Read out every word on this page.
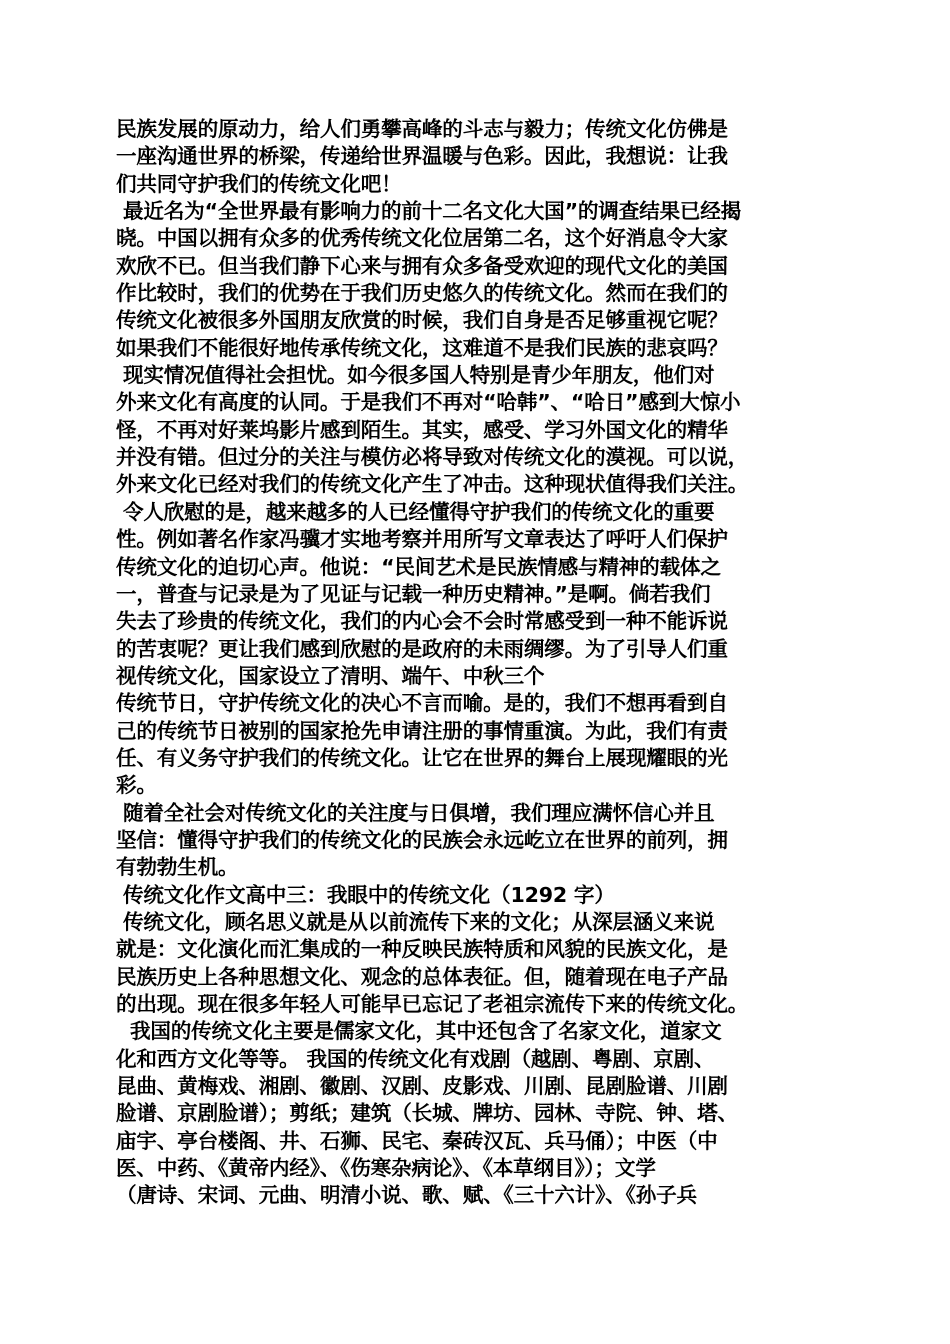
民族发展的原动力，给人们勇攀高峰的斗志与毅力；传统文化仿佛是
一座沟通世界的桥梁，传递给世界温暖与色彩。因此，我想说：让我
们共同守护我们的传统文化吧！
最近名为“全世界最有影响力的前十二名文化大国”的调查结果已经揭
晓。中国以拥有众多的优秀传统文化位居第二名，这个好消息令大家
欢欣不已。但当我们静下心来与拥有众多备受欢迎的现代文化的美国
作比较时，我们的优势在于我们历史悠久的传统文化。然而在我们的
传统文化被很多外国朋友欣赏的时候，我们自身是否足够重视它呢？
如果我们不能很好地传承传统文化，这难道不是我们民族的悲哀吗？
现实情况值得社会担忧。如今很多国人特别是青少年朋友，他们对
外来文化有高度的认同。于是我们不再对“哈韩”、“哈日”感到大惊小
怪，不再对好莱坞影片感到陌生。其实，感受、学习外国文化的精华
并没有错。但过分的关注与模仿必将导致对传统文化的漠视。可以说，
外来文化已经对我们的传统文化产生了冲击。这种现状值得我们关注。
令人欣慰的是，越来越多的人已经懂得守护我们的传统文化的重要
性。例如著名作家冯骥才实地考察并用所写文章表达了呼吁人们保护
传统文化的迫切心声。他说：“民间艺术是民族情感与精神的载体之
一，普查与记录是为了见证与记载一种历史精神。”是啊。倘若我们
失去了珍贵的传统文化，我们的内心会不会时常感受到一种不能诉说
的苦衷呢？更让我们感到欣慰的是政府的未雨绸缪。为了引导人们重
视传统文化，国家设立了清明、端午、中秋三个
传统节日，守护传统文化的决心不言而喻。是的，我们不想再看到自
己的传统节日被别的国家抢先申请注册的事情重演。为此，我们有责
任、有义务守护我们的传统文化。让它在世界的舞台上展现耀眼的光
彩。
随着全社会对传统文化的关注度与日俱增，我们理应满怀信心并且
坚信：懂得守护我们的传统文化的民族会永远屹立在世界的前列，拥
有勃勃生机。
传统文化作文高中三：我眼中的传统文化（1292 字）
传统文化，顾名思义就是从以前流传下来的文化；从深层涵义来说
就是：文化演化而汇集成的一种反映民族特质和风貌的民族文化，是
民族历史上各种思想文化、观念的总体表征。但，随着现在电子产品
的出现。现在很多年轻人可能早已忘记了老祖宗流传下来的传统文化。
我国的传统文化主要是儒家文化，其中还包含了名家文化，道家文
化和西方文化等等。 我国的传统文化有戏剧（越剧、粤剧、京剧、
昆曲、黄梅戏、湘剧、徽剧、汉剧、皮影戏、川剧、昆剧脸谱、川剧
脸谱、京剧脸谱）；剪纸；建筑（长城、牌坊、园林、寺院、钟、塔、
庙宇、亭台楼阁、井、石狮、民宅、秦砖汉瓦、兵马俑）；中医（中
医、中药、《黄帝内经》、《伤寒杂病论》、《本草纲目》）；文学
（唐诗、宋词、元曲、明清小说、歌、赋、《三十六计》、《孙子兵
